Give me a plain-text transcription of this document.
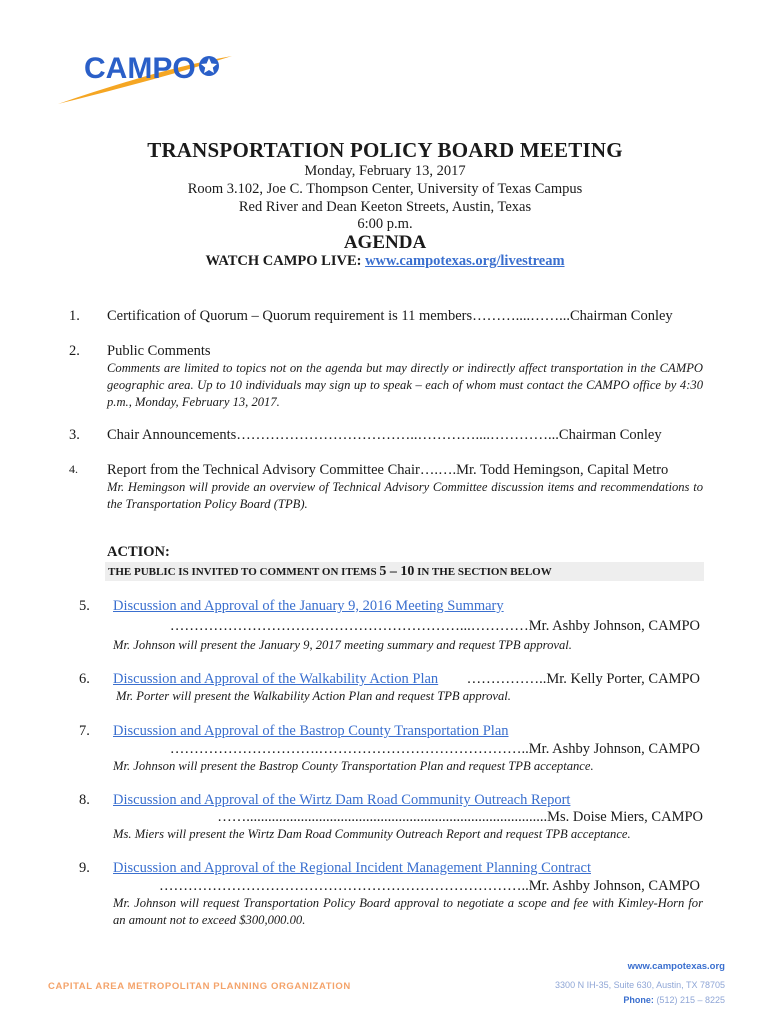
CAMPO
TRANSPORTATION POLICY BOARD MEETING
Monday, February 13, 2017
Room 3.102, Joe C. Thompson Center, University of Texas Campus
Red River and Dean Keeton Streets, Austin, Texas
6:00 p.m.
AGENDA
WATCH CAMPO LIVE: www.campotexas.org/livestream
1.	Certification of Quorum – Quorum requirement is 11 members………....……...Chairman Conley
2.	Public Comments
Comments are limited to topics not on the agenda but may directly or indirectly affect transportation in the CAMPO geographic area. Up to 10 individuals may sign up to speak – each of whom must contact the CAMPO office by 4:30 p.m., Monday, February 13, 2017.
3.	Chair Announcements………………………………..…………....…………...Chairman Conley
4.	Report from the Technical Advisory Committee Chair….….Mr. Todd Hemingson, Capital Metro
Mr. Hemingson will provide an overview of Technical Advisory Committee discussion items and recommendations to the Transportation Policy Board (TPB).
ACTION:
THE PUBLIC IS INVITED TO COMMENT ON ITEMS 5 – 10 IN THE SECTION BELOW
5.	Discussion and Approval of the January 9, 2016 Meeting Summary
……………………………………………………...…………Mr. Ashby Johnson, CAMPO
Mr. Johnson will present the January 9, 2017 meeting summary and request TPB approval.
6.	Discussion and Approval of the Walkability Action Plan ……………..Mr. Kelly Porter, CAMPO
Mr. Porter will present the Walkability Action Plan and request TPB approval.
7.	Discussion and Approval of the Bastrop County Transportation Plan
………………………….……………………………………..Mr. Ashby Johnson, CAMPO
Mr. Johnson will present the Bastrop County Transportation Plan and request TPB acceptance.
8.	Discussion and Approval of the Wirtz Dam Road Community Outreach Report
……...................................................................................Ms. Doise Miers, CAMPO
Ms. Miers will present the Wirtz Dam Road Community Outreach Report and request TPB acceptance.
9.	Discussion and Approval of the Regional Incident Management Planning Contract
…………………………………………………………………..Mr. Ashby Johnson, CAMPO
Mr. Johnson will request Transportation Policy Board approval to negotiate a scope and fee with Kimley-Horn for an amount not to exceed $300,000.00.
CAPITAL AREA METROPOLITAN PLANNING ORGANIZATION
www.campotexas.org
3300 N IH-35, Suite 630, Austin, TX 78705
Phone: (512) 215 – 8225
